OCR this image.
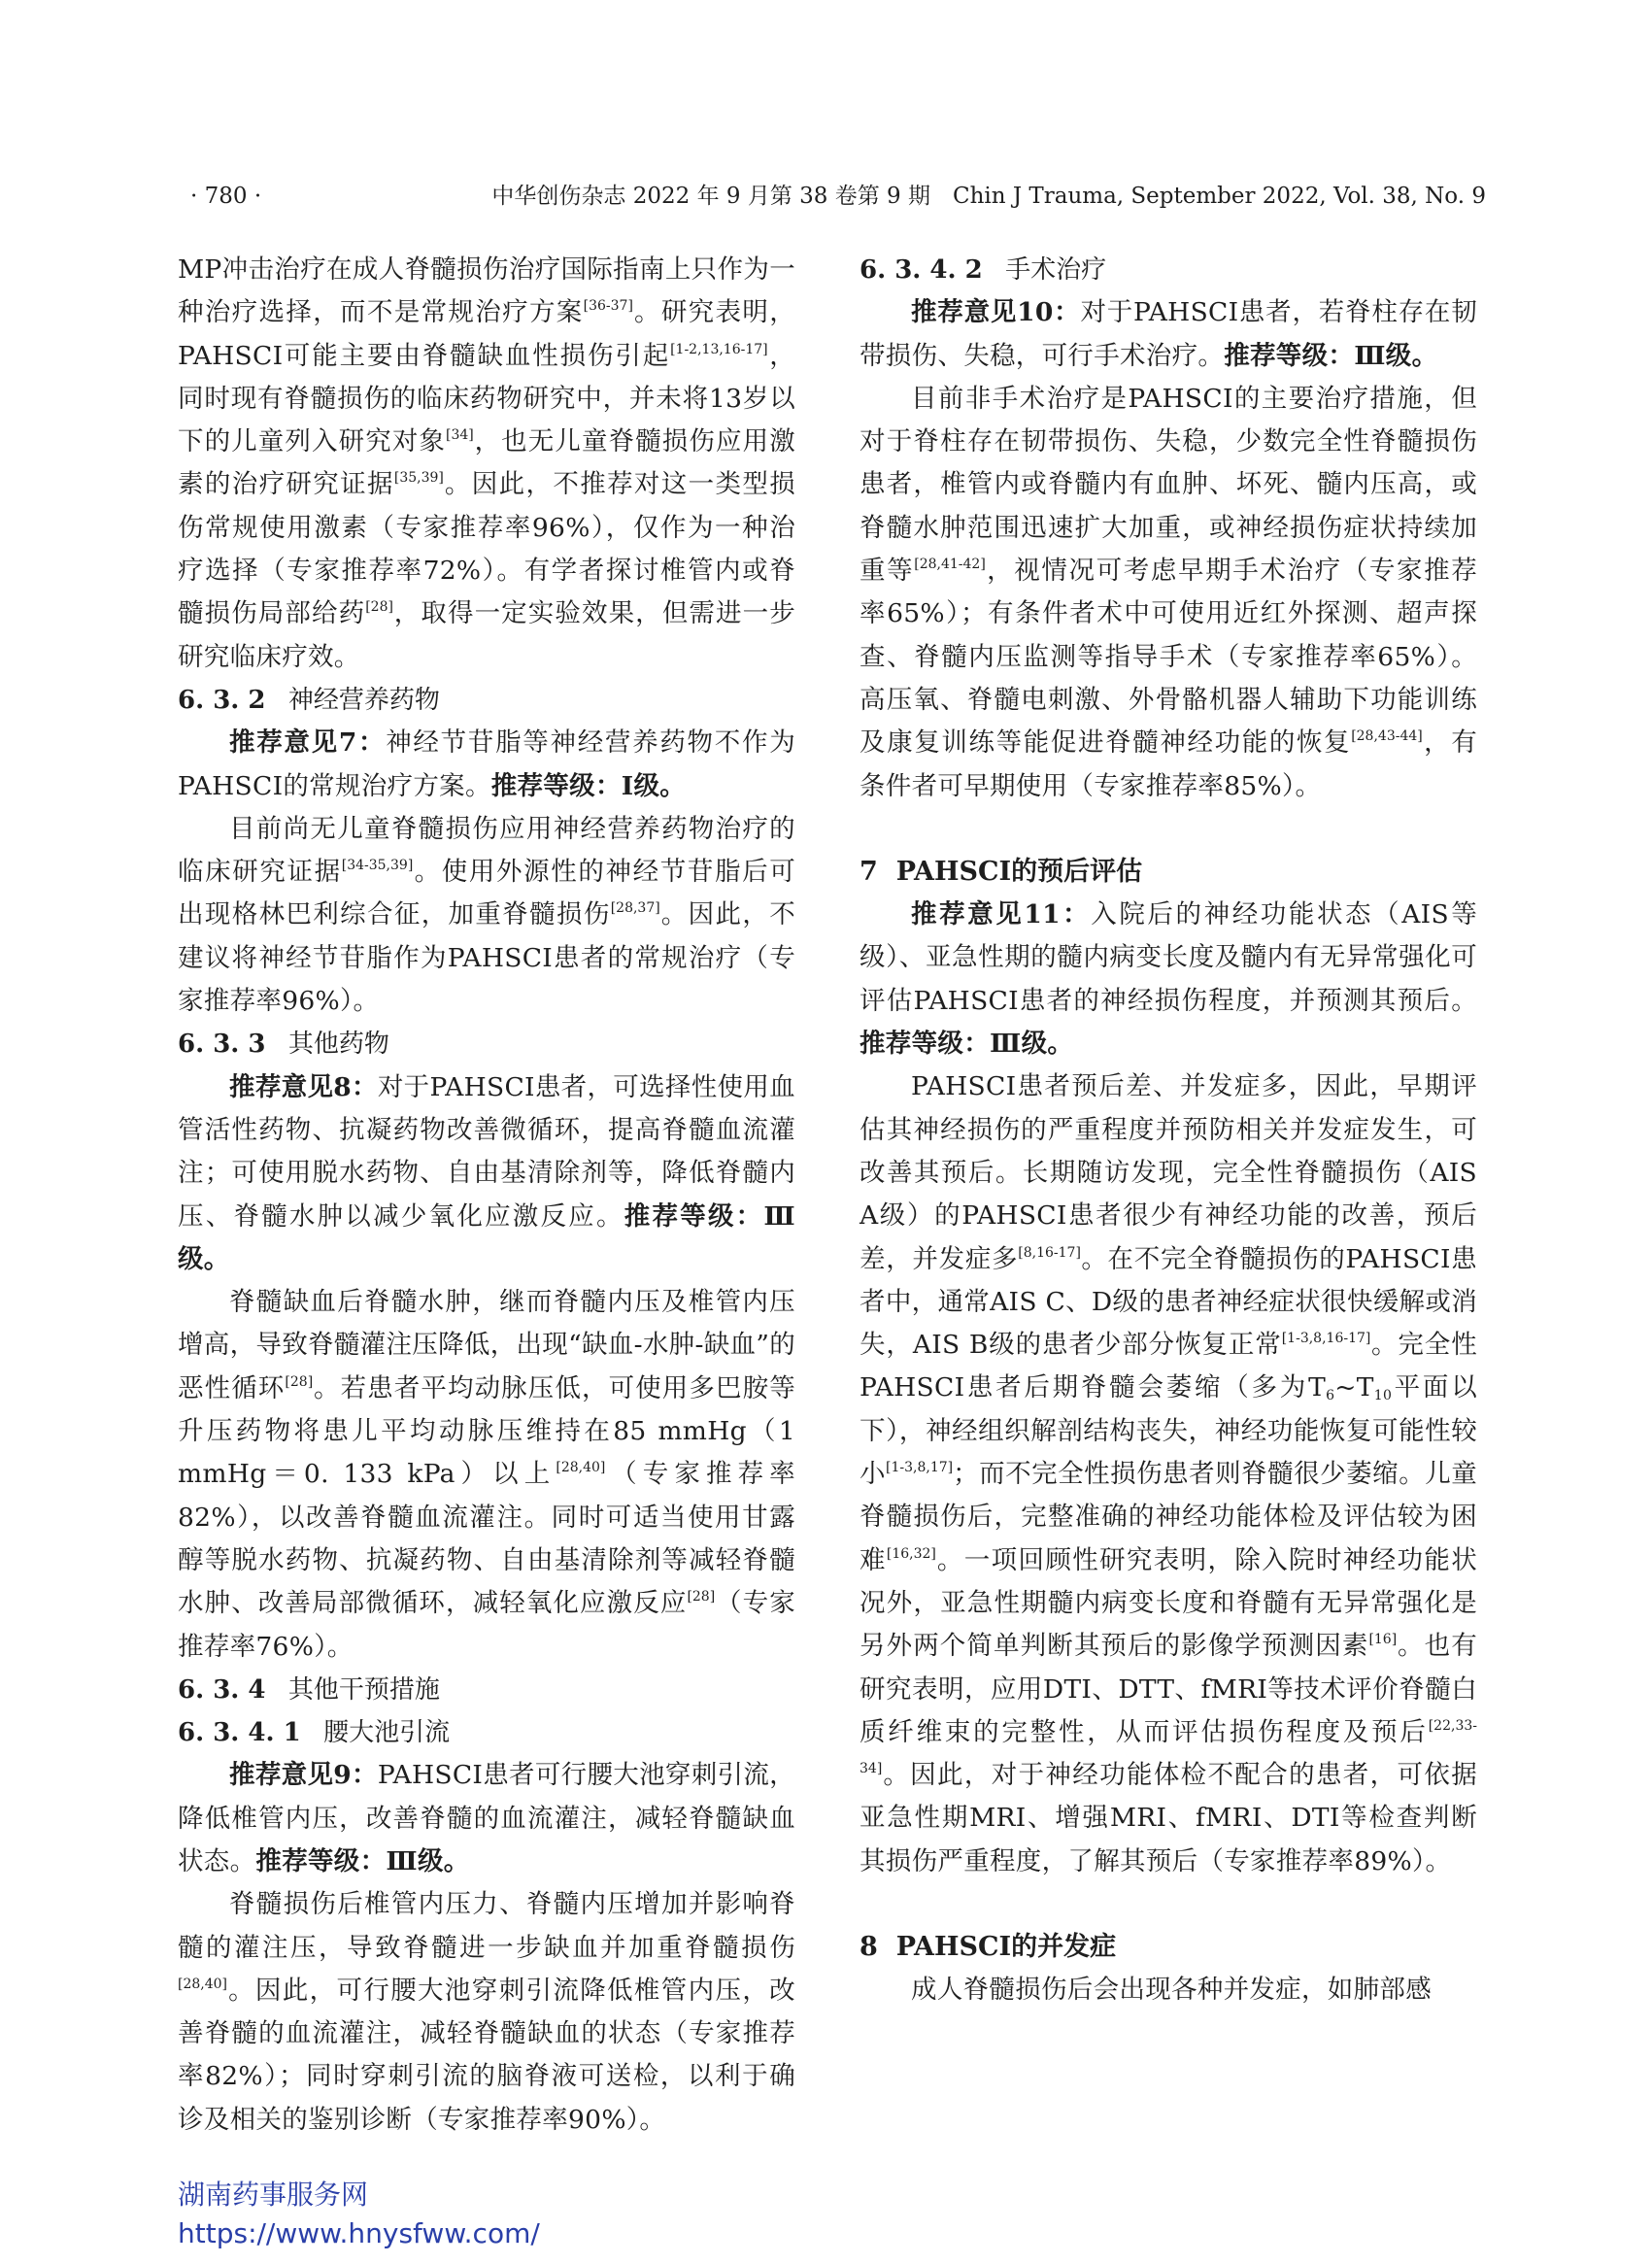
· 780 ·	中华创伤杂志 2022 年 9 月第 38 卷第 9 期　Chin J Trauma, September 2022, Vol. 38, No. 9

MP冲击治疗在成人脊髓损伤治疗国际指南上只作为一种治疗选择，而不是常规治疗方案[36-37]。研究表明，PAHSCI可能主要由脊髓缺血性损伤引起[1-2,13,16-17]，同时现有脊髓损伤的临床药物研究中，并未将13岁以下的儿童列入研究对象[34]，也无儿童脊髓损伤应用激素的治疗研究证据[35,39]。因此，不推荐对这一类型损伤常规使用激素（专家推荐率96%），仅作为一种治疗选择（专家推荐率72%）。有学者探讨椎管内或脊髓损伤局部给药[28]，取得一定实验效果，但需进一步研究临床疗效。

6. 3. 2 神经营养药物

推荐意见7：神经节苷脂等神经营养药物不作为PAHSCI的常规治疗方案。推荐等级：Ⅰ级。

目前尚无儿童脊髓损伤应用神经营养药物治疗的临床研究证据[34-35,39]。使用外源性的神经节苷脂后可出现格林巴利综合征，加重脊髓损伤[28,37]。因此，不建议将神经节苷脂作为PAHSCI患者的常规治疗（专家推荐率96%）。

6. 3. 3 其他药物

推荐意见8：对于PAHSCI患者，可选择性使用血管活性药物、抗凝药物改善微循环，提高脊髓血流灌注；可使用脱水药物、自由基清除剂等，降低脊髓内压、脊髓水肿以减少氧化应激反应。推荐等级：Ⅲ级。

脊髓缺血后脊髓水肿，继而脊髓内压及椎管内压增高，导致脊髓灌注压降低，出现“缺血-水肿-缺血”的恶性循环[28]。若患者平均动脉压低，可使用多巴胺等升压药物将患儿平均动脉压维持在85 mmHg（1 mmHg＝0. 133 kPa）以上[28,40]（专家推荐率82%），以改善脊髓血流灌注。同时可适当使用甘露醇等脱水药物、抗凝药物、自由基清除剂等减轻脊髓水肿、改善局部微循环，减轻氧化应激反应[28]（专家推荐率76%）。

6. 3. 4 其他干预措施
6. 3. 4. 1 腰大池引流

推荐意见9：PAHSCI患者可行腰大池穿刺引流，降低椎管内压，改善脊髓的血流灌注，减轻脊髓缺血状态。推荐等级：Ⅲ级。

脊髓损伤后椎管内压力、脊髓内压增加并影响脊髓的灌注压，导致脊髓进一步缺血并加重脊髓损伤[28,40]。因此，可行腰大池穿刺引流降低椎管内压，改善脊髓的血流灌注，减轻脊髓缺血的状态（专家推荐率82%）；同时穿刺引流的脑脊液可送检，以利于确诊及相关的鉴别诊断（专家推荐率90%）。

6. 3. 4. 2 手术治疗

推荐意见10：对于PAHSCI患者，若脊柱存在韧带损伤、失稳，可行手术治疗。推荐等级：Ⅲ级。

目前非手术治疗是PAHSCI的主要治疗措施，但对于脊柱存在韧带损伤、失稳，少数完全性脊髓损伤患者，椎管内或脊髓内有血肿、坏死、髓内压高，或脊髓水肿范围迅速扩大加重，或神经损伤症状持续加重等[28,41-42]，视情况可考虑早期手术治疗（专家推荐率65%）；有条件者术中可使用近红外探测、超声探查、脊髓内压监测等指导手术（专家推荐率65%）。高压氧、脊髓电刺激、外骨骼机器人辅助下功能训练及康复训练等能促进脊髓神经功能的恢复[28,43-44]，有条件者可早期使用（专家推荐率85%）。

7 PAHSCI的预后评估

推荐意见11：入院后的神经功能状态（AIS等级）、亚急性期的髓内病变长度及髓内有无异常强化可评估PAHSCI患者的神经损伤程度，并预测其预后。推荐等级：Ⅲ级。

PAHSCI患者预后差、并发症多，因此，早期评估其神经损伤的严重程度并预防相关并发症发生，可改善其预后。长期随访发现，完全性脊髓损伤（AIS A级）的PAHSCI患者很少有神经功能的改善，预后差，并发症多[8,16-17]。在不完全脊髓损伤的PAHSCI患者中，通常AIS C、D级的患者神经症状很快缓解或消失，AIS B级的患者少部分恢复正常[1-3,8,16-17]。完全性PAHSCI患者后期脊髓会萎缩（多为$T_6\sim T_{10}$平面以下），神经组织解剖结构丧失，神经功能恢复可能性较小[1-3,8,17]；而不完全性损伤患者则脊髓很少萎缩。儿童脊髓损伤后，完整准确的神经功能体检及评估较为困难[16,32]。一项回顾性研究表明，除入院时神经功能状况外，亚急性期髓内病变长度和脊髓有无异常强化是另外两个简单判断其预后的影像学预测因素[16]。也有研究表明，应用DTI、DTT、fMRI等技术评价脊髓白质纤维束的完整性，从而评估损伤程度及预后[22,33-34]。因此，对于神经功能体检不配合的患者，可依据亚急性期MRI、增强MRI、fMRI、DTI等检查判断其损伤严重程度，了解其预后（专家推荐率89%）。

8 PAHSCI的并发症

成人脊髓损伤后会出现各种并发症，如肺部感

湖南药事服务网
https://www.hnysfww.com/
